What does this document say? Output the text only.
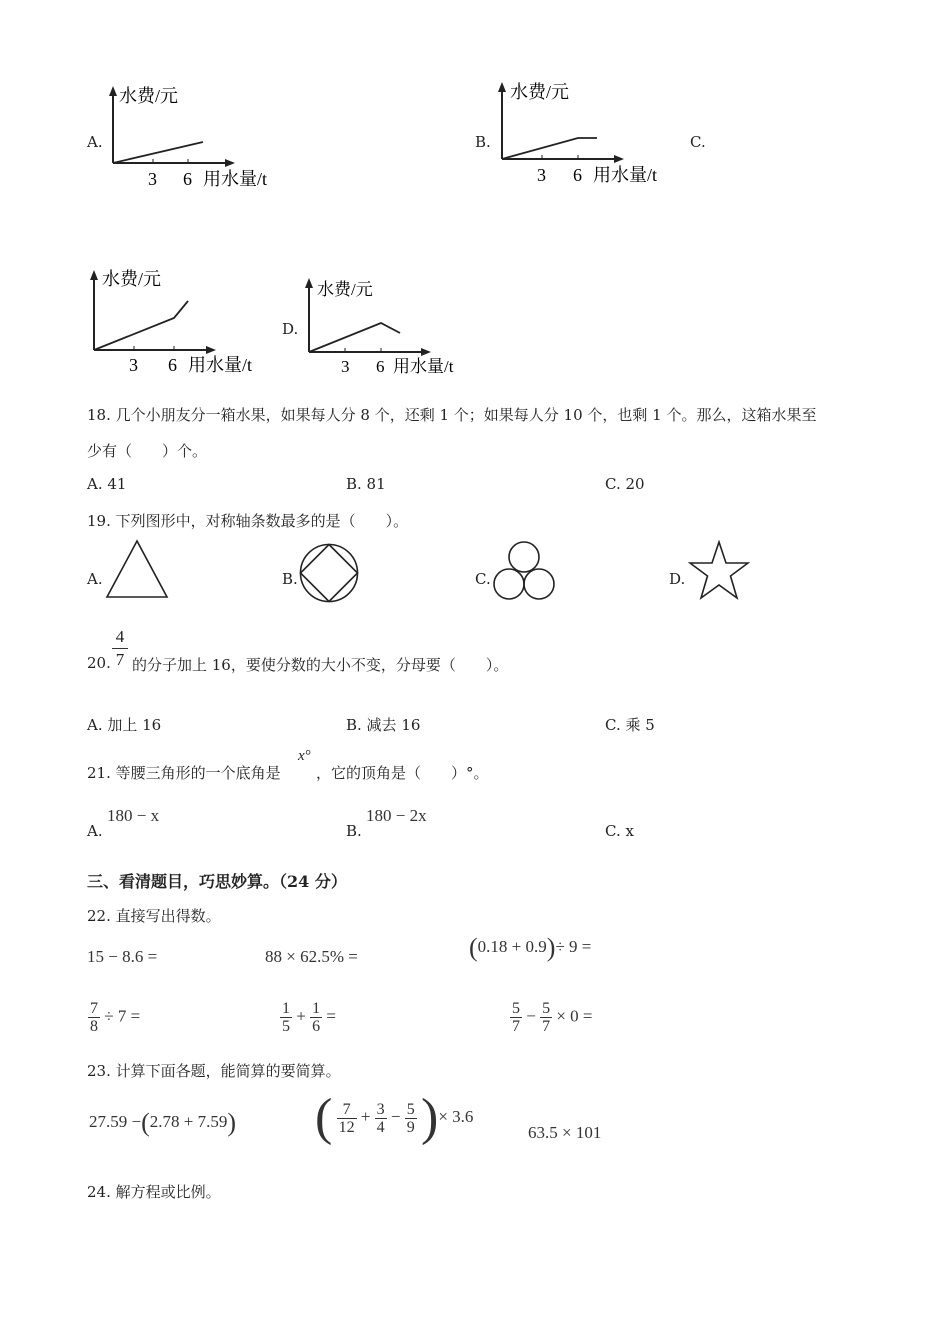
A.
水费/元
3 6 用水量/t
B.
水费/元
3 6 用水量/t
C.
水费/元
3 6 用水量/t
D.
水费/元
3 6 用水量/t
18. 几个小朋友分一箱水果，如果每人分 8 个，还剩 1 个；如果每人分 10 个，也剩 1 个。那么，这箱水果至
少有（　　）个。
A. 41	B. 81	C. 20
19. 下列图形中，对称轴条数最多的是（　　）。
A.	B.	C.	D.
20. $\frac{4}{7}$ 的分子加上 16，要使分数的大小不变，分母要（　　）。
A. 加上 16	B. 减去 16	C. 乘 5
21. 等腰三角形的一个底角是
x°
，它的顶角是（　　）°。
A.
180 − x
B.
180 − 2x
C. x
三、看清题目，巧思妙算。（24 分）
22. 直接写出得数。
15 − 8.6 =	88 × 62.5% =	(0.18 + 0.9)÷ 9 =
$\frac{7}{8} \div 7$ =	$\frac{1}{5} + \frac{1}{6}$ =	$\frac{5}{7} - \frac{5}{7} \times 0$ =
23. 计算下面各题，能简算的要简算。
27.59 −(2.78 + 7.59) ( $\frac{7}{12} + \frac{3}{4} - \frac{5}{9}$ )× 3.6
63.5 × 101
24. 解方程或比例。
